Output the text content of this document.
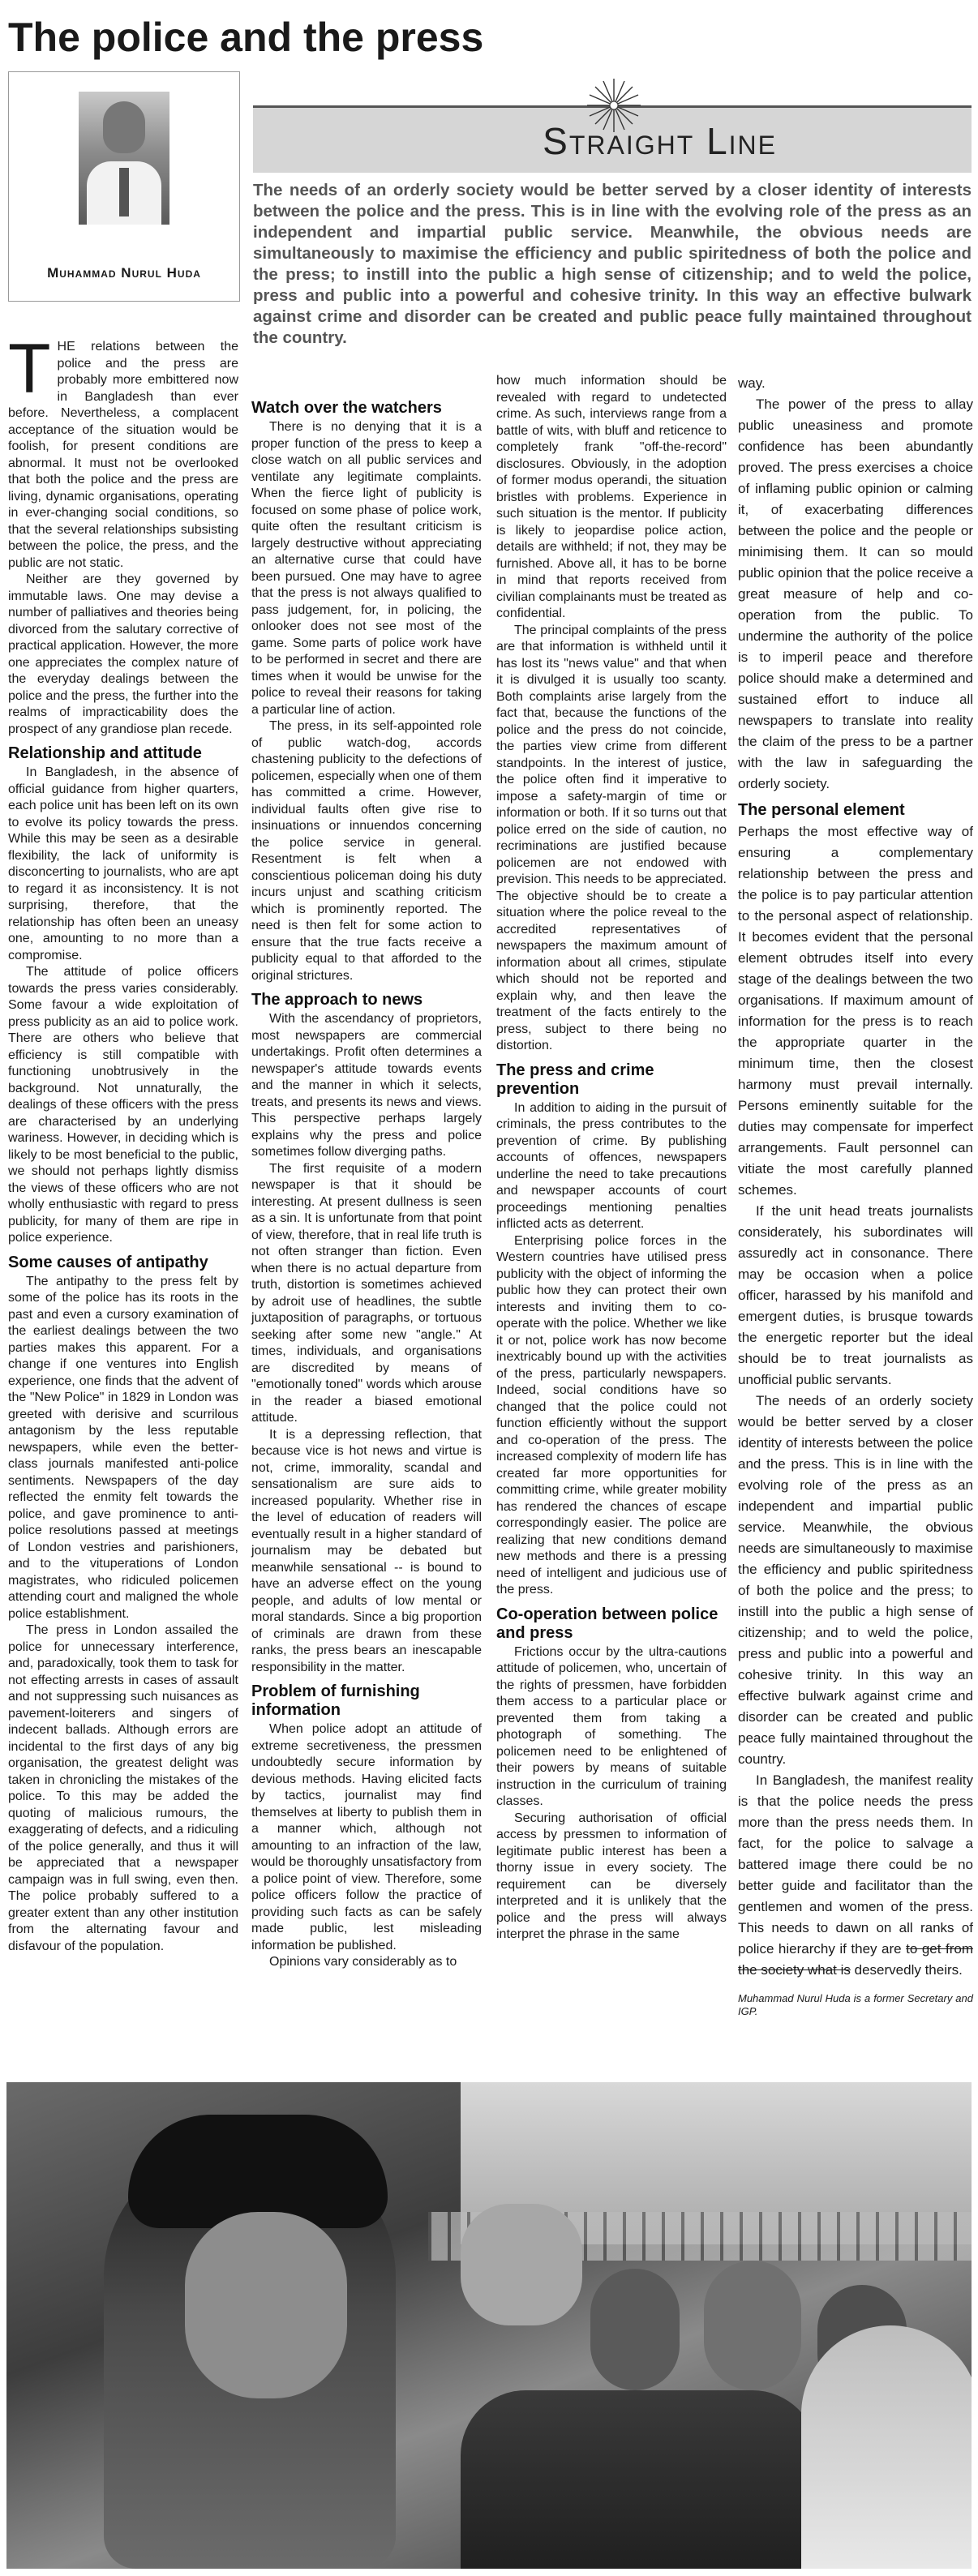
The police and the press
Muhammad Nurul Huda
Straight Line
The needs of an orderly society would be better served by a closer identity of interests between the police and the press. This is in line with the evolving role of the press as an independent and impartial public service. Meanwhile, the obvious needs are simultaneously to maximise the efficiency and public spiritedness of both the police and the press; to instill into the public a high sense of citizenship; and to weld the police, press and public into a powerful and cohesive trinity. In this way an effective bulwark against crime and disorder can be created and public peace fully maintained throughout the country.

THE relations between the police and the press are probably more embittered now in Bangladesh than ever before. Nevertheless, a complacent acceptance of the situation would be foolish, for present conditions are abnormal. It must not be overlooked that both the police and the press are living, dynamic organisations, operating in ever-changing social conditions, so that the several relationships subsisting between the police, the press, and the public are not static.

Neither are they governed by immutable laws. One may devise a number of palliatives and theories being divorced from the salutary corrective of practical application. However, the more one appreciates the complex nature of the everyday dealings between the police and the press, the further into the realms of impracticability does the prospect of any grandiose plan recede.

Relationship and attitude

In Bangladesh, in the absence of official guidance from higher quarters, each police unit has been left on its own to evolve its policy towards the press. While this may be seen as a desirable flexibility, the lack of uniformity is disconcerting to journalists, who are apt to regard it as inconsistency. It is not surprising, therefore, that the relationship has often been an uneasy one, amounting to no more than a compromise.

The attitude of police officers towards the press varies considerably. Some favour a wide exploitation of press publicity as an aid to police work. There are others who believe that efficiency is still compatible with functioning unobtrusively in the background. Not unnaturally, the dealings of these officers with the press are characterised by an underlying wariness. However, in deciding which is likely to be most beneficial to the public, we should not perhaps lightly dismiss the views of these officers who are not wholly enthusiastic with regard to press publicity, for many of them are ripe in police experience.

Some causes of antipathy

The antipathy to the press felt by some of the police has its roots in the past and even a cursory examination of the earliest dealings between the two parties makes this apparent. For a change if one ventures into English experience, one finds that the advent of the "New Police" in 1829 in London was greeted with derisive and scurrilous antagonism by the less reputable newspapers, while even the better-class journals manifested anti-police sentiments. Newspapers of the day reflected the enmity felt towards the police, and gave prominence to anti-police resolutions passed at meetings of London vestries and parishioners, and to the vituperations of London magistrates, who ridiculed policemen attending court and maligned the whole police establishment.

The press in London assailed the police for unnecessary interference, and, paradoxically, took them to task for not effecting arrests in cases of assault and not suppressing such nuisances as pavement-loiterers and singers of indecent ballads. Although errors are incidental to the first days of any big organisation, the greatest delight was taken in chronicling the mistakes of the police. To this may be added the quoting of malicious rumours, the exaggerating of defects, and a ridiculing of the police generally, and thus it will be appreciated that a newspaper campaign was in full swing, even then. The police probably suffered to a greater extent than any other institution from the alternating favour and disfavour of the population.

Watch over the watchers

There is no denying that it is a proper function of the press to keep a close watch on all public services and ventilate any legitimate complaints. When the fierce light of publicity is focused on some phase of police work, quite often the resultant criticism is largely destructive without appreciating an alternative curse that could have been pursued. One may have to agree that the press is not always qualified to pass judgement, for, in policing, the onlooker does not see most of the game. Some parts of police work have to be performed in secret and there are times when it would be unwise for the police to reveal their reasons for taking a particular line of action.

The press, in its self-appointed role of public watch-dog, accords chastening publicity to the defections of policemen, especially when one of them has committed a crime. However, individual faults often give rise to insinuations or innuendos concerning the police service in general. Resentment is felt when a conscientious policeman doing his duty incurs unjust and scathing criticism which is prominently reported. The need is then felt for some action to ensure that the true facts receive a publicity equal to that afforded to the original strictures.

The approach to news

With the ascendancy of proprietors, most newspapers are commercial undertakings. Profit often determines a newspaper's attitude towards events and the manner in which it selects, treats, and presents its news and views. This perspective perhaps largely explains why the press and police sometimes follow diverging paths.

The first requisite of a modern newspaper is that it should be interesting. At present dullness is seen as a sin. It is unfortunate from that point of view, therefore, that in real life truth is not often stranger than fiction. Even when there is no actual departure from truth, distortion is sometimes achieved by adroit use of headlines, the subtle juxtaposition of paragraphs, or tortuous seeking after some new "angle." At times, individuals, and organisations are discredited by means of "emotionally toned" words which arouse in the reader a biased emotional attitude.

It is a depressing reflection, that because vice is hot news and virtue is not, crime, immorality, scandal and sensationalism are sure aids to increased popularity. Whether rise in the level of education of readers will eventually result in a higher standard of journalism may be debated but meanwhile sensational -- is bound to have an adverse effect on the young people, and adults of low mental or moral standards. Since a big proportion of criminals are drawn from these ranks, the press bears an inescapable responsibility in the matter.

Problem of furnishing information

When police adopt an attitude of extreme secretiveness, the pressmen undoubtedly secure information by devious methods. Having elicited facts by tactics, journalist may find themselves at liberty to publish them in a manner which, although not amounting to an infraction of the law, would be thoroughly unsatisfactory from a police point of view. Therefore, some police officers follow the practice of providing such facts as can be safely made public, lest misleading information be published.

Opinions vary considerably as to

how much information should be revealed with regard to undetected crime. As such, interviews range from a battle of wits, with bluff and reticence to completely frank "off-the-record" disclosures. Obviously, in the adoption of former modus operandi, the situation bristles with problems. Experience in such situation is the mentor. If publicity is likely to jeopardise police action, details are withheld; if not, they may be furnished. Above all, it has to be borne in mind that reports received from civilian complainants must be treated as confidential.

The principal complaints of the press are that information is withheld until it has lost its "news value" and that when it is divulged it is usually too scanty. Both complaints arise largely from the fact that, because the functions of the police and the press do not coincide, the parties view crime from different standpoints. In the interest of justice, the police often find it imperative to impose a safety-margin of time or information or both. If it so turns out that police erred on the side of caution, no recriminations are justified because policemen are not endowed with prevision. This needs to be appreciated. The objective should be to create a situation where the police reveal to the accredited representatives of newspapers the maximum amount of information about all crimes, stipulate which should not be reported and explain why, and then leave the treatment of the facts entirely to the press, subject to there being no distortion.

The press and crime prevention

In addition to aiding in the pursuit of criminals, the press contributes to the prevention of crime. By publishing accounts of offences, newspapers underline the need to take precautions and newspaper accounts of court proceedings mentioning penalties inflicted acts as deterrent.

Enterprising police forces in the Western countries have utilised press publicity with the object of informing the public how they can protect their own interests and inviting them to co-operate with the police. Whether we like it or not, police work has now become inextricably bound up with the activities of the press, particularly newspapers. Indeed, social conditions have so changed that the police could not function efficiently without the support and co-operation of the press. The increased complexity of modern life has created far more opportunities for committing crime, while greater mobility has rendered the chances of escape correspondingly easier. The police are realizing that new conditions demand new methods and there is a pressing need of intelligent and judicious use of the press.

Co-operation between police and press

Frictions occur by the ultra-cautions attitude of policemen, who, uncertain of the rights of pressmen, have forbidden them access to a particular place or prevented them from taking a photograph of something. The policemen need to be enlightened of their powers by means of suitable instruction in the curriculum of training classes.

Securing authorisation of official access by pressmen to information of legitimate public interest has been a thorny issue in every society. The requirement can be diversely interpreted and it is unlikely that the police and the press will always interpret the phrase in the same

way.

The power of the press to allay public uneasiness and promote confidence has been abundantly proved. The press exercises a choice of inflaming public opinion or calming it, of exacerbating differences between the police and the people or minimising them. It can so mould public opinion that the police receive a great measure of help and co-operation from the public. To undermine the authority of the police is to imperil peace and therefore police should make a determined and sustained effort to induce all newspapers to translate into reality the claim of the press to be a partner with the law in safeguarding the orderly society.

The personal element

Perhaps the most effective way of ensuring a complementary relationship between the press and the police is to pay particular attention to the personal aspect of relationship. It becomes evident that the personal element obtrudes itself into every stage of the dealings between the two organisations. If maximum amount of information for the press is to reach the appropriate quarter in the minimum time, then the closest harmony must prevail internally. Persons eminently suitable for the duties may compensate for imperfect arrangements. Fault personnel can vitiate the most carefully planned schemes.

If the unit head treats journalists considerately, his subordinates will assuredly act in consonance. There may be occasion when a police officer, harassed by his manifold and emergent duties, is brusque towards the energetic reporter but the ideal should be to treat journalists as unofficial public servants.

The needs of an orderly society would be better served by a closer identity of interests between the police and the press. This is in line with the evolving role of the press as an independent and impartial public service. Meanwhile, the obvious needs are simultaneously to maximise the efficiency and public spiritedness of both the police and the press; to instill into the public a high sense of citizenship; and to weld the police, press and public into a powerful and cohesive trinity. In this way an effective bulwark against crime and disorder can be created and public peace fully maintained throughout the country.

In Bangladesh, the manifest reality is that the police needs the press more than the press needs them. In fact, for the police to salvage a battered image there could be no better guide and facilitator than the gentlemen and women of the press. This needs to dawn on all ranks of police hierarchy if they are to get from the society what is deservedly theirs.

Muhammad Nurul Huda is a former Secretary and IGP.
